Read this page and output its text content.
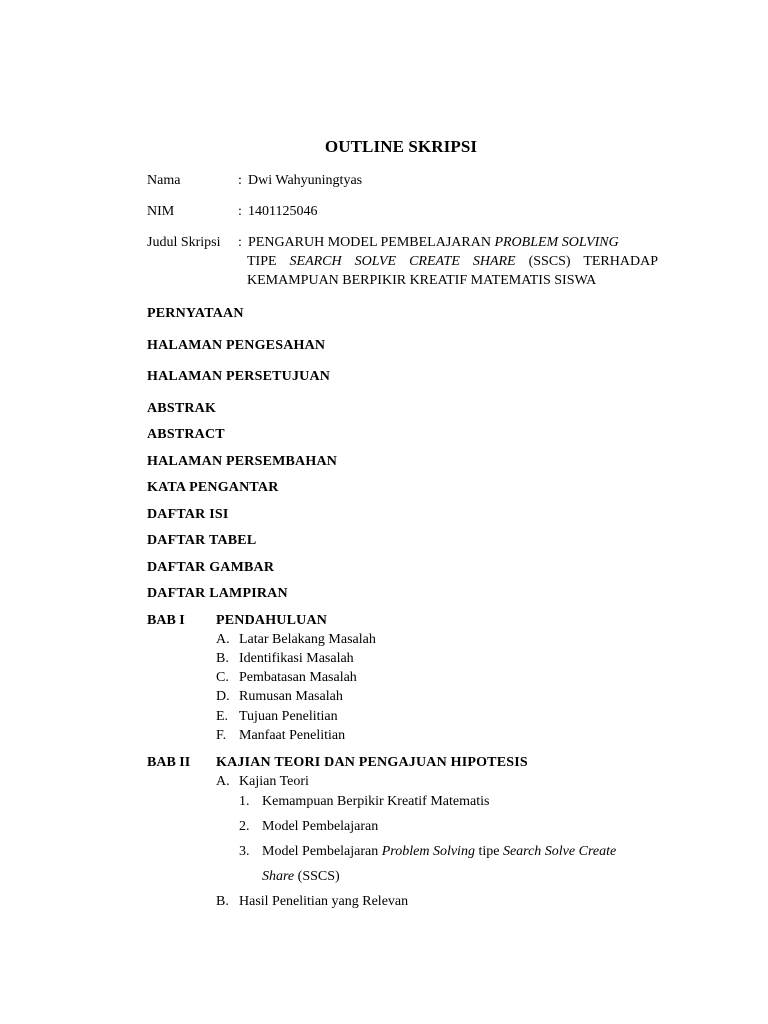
OUTLINE SKRIPSI
Nama	: Dwi Wahyuningtyas
NIM	: 1401125046
Judul Skripsi : PENGARUH MODEL PEMBELAJARAN PROBLEM SOLVING
TIPE SEARCH SOLVE CREATE SHARE (SSCS) TERHADAP
KEMAMPUAN BERPIKIR KREATIF MATEMATIS SISWA
PERNYATAAN
HALAMAN PENGESAHAN
HALAMAN PERSETUJUAN
ABSTRAK
ABSTRACT
HALAMAN PERSEMBAHAN
KATA PENGANTAR
DAFTAR ISI
DAFTAR TABEL
DAFTAR GAMBAR
DAFTAR LAMPIRAN
BAB I PENDAHULUAN
A. Latar Belakang Masalah
B. Identifikasi Masalah
C. Pembatasan Masalah
D. Rumusan Masalah
E. Tujuan Penelitian
F. Manfaat Penelitian
BAB II KAJIAN TEORI DAN PENGAJUAN HIPOTESIS
A. Kajian Teori
1. Kemampuan Berpikir Kreatif Matematis
2. Model Pembelajaran
3. Model Pembelajaran Problem Solving tipe Search Solve Create
Share (SSCS)
B. Hasil Penelitian yang Relevan
